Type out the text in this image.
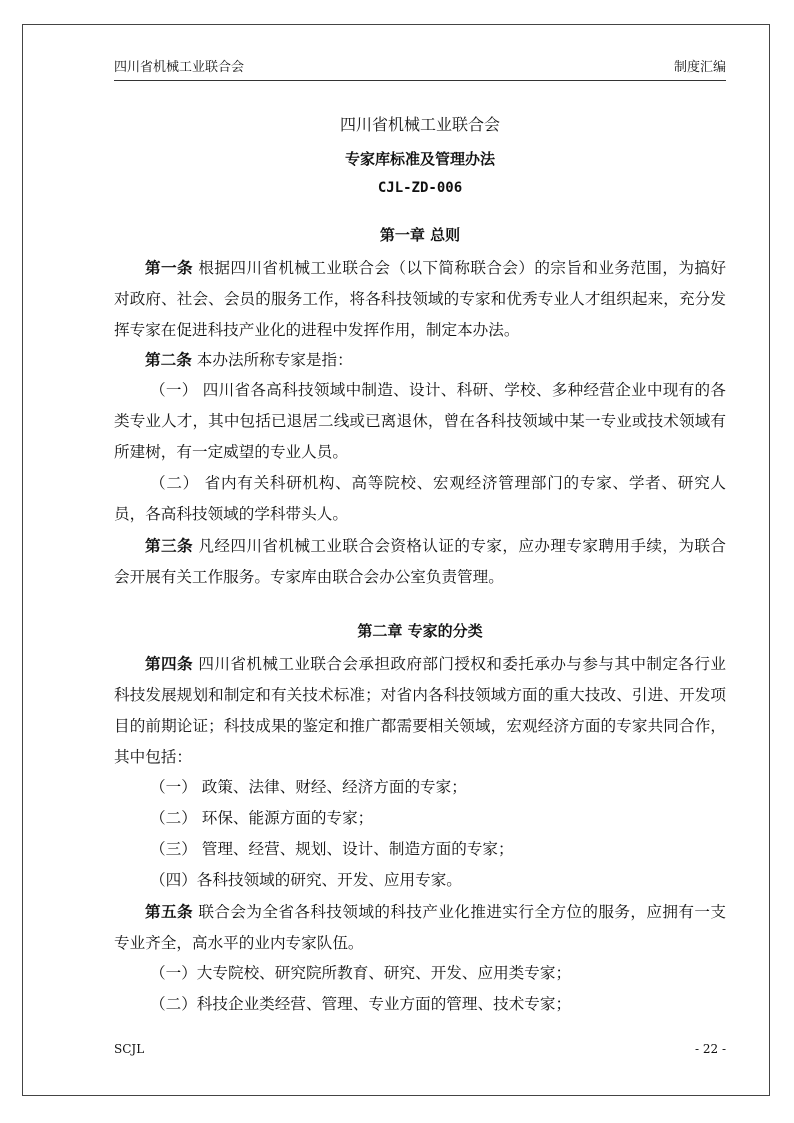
四川省机械工业联合会	制度汇编
四川省机械工业联合会
专家库标准及管理办法
CJL-ZD-006
第一章 总则
第一条 根据四川省机械工业联合会（以下简称联合会）的宗旨和业务范围，为搞好对政府、社会、会员的服务工作，将各科技领域的专家和优秀专业人才组织起来，充分发挥专家在促进科技产业化的进程中发挥作用，制定本办法。
第二条 本办法所称专家是指：
（一） 四川省各高科技领域中制造、设计、科研、学校、多种经营企业中现有的各类专业人才，其中包括已退居二线或已离退休，曾在各科技领域中某一专业或技术领域有所建树，有一定威望的专业人员。
（二） 省内有关科研机构、高等院校、宏观经济管理部门的专家、学者、研究人员，各高科技领域的学科带头人。
第三条 凡经四川省机械工业联合会资格认证的专家，应办理专家聘用手续，为联合会开展有关工作服务。专家库由联合会办公室负责管理。
第二章 专家的分类
第四条 四川省机械工业联合会承担政府部门授权和委托承办与参与其中制定各行业科技发展规划和制定和有关技术标准；对省内各科技领域方面的重大技改、引进、开发项目的前期论证；科技成果的鉴定和推广都需要相关领域，宏观经济方面的专家共同合作，其中包括：
（一） 政策、法律、财经、经济方面的专家；
（二） 环保、能源方面的专家；
（三） 管理、经营、规划、设计、制造方面的专家；
（四）各科技领域的研究、开发、应用专家。
第五条 联合会为全省各科技领域的科技产业化推进实行全方位的服务，应拥有一支专业齐全，高水平的业内专家队伍。
（一）大专院校、研究院所教育、研究、开发、应用类专家；
（二）科技企业类经营、管理、专业方面的管理、技术专家；
SCJL	- 22 -
